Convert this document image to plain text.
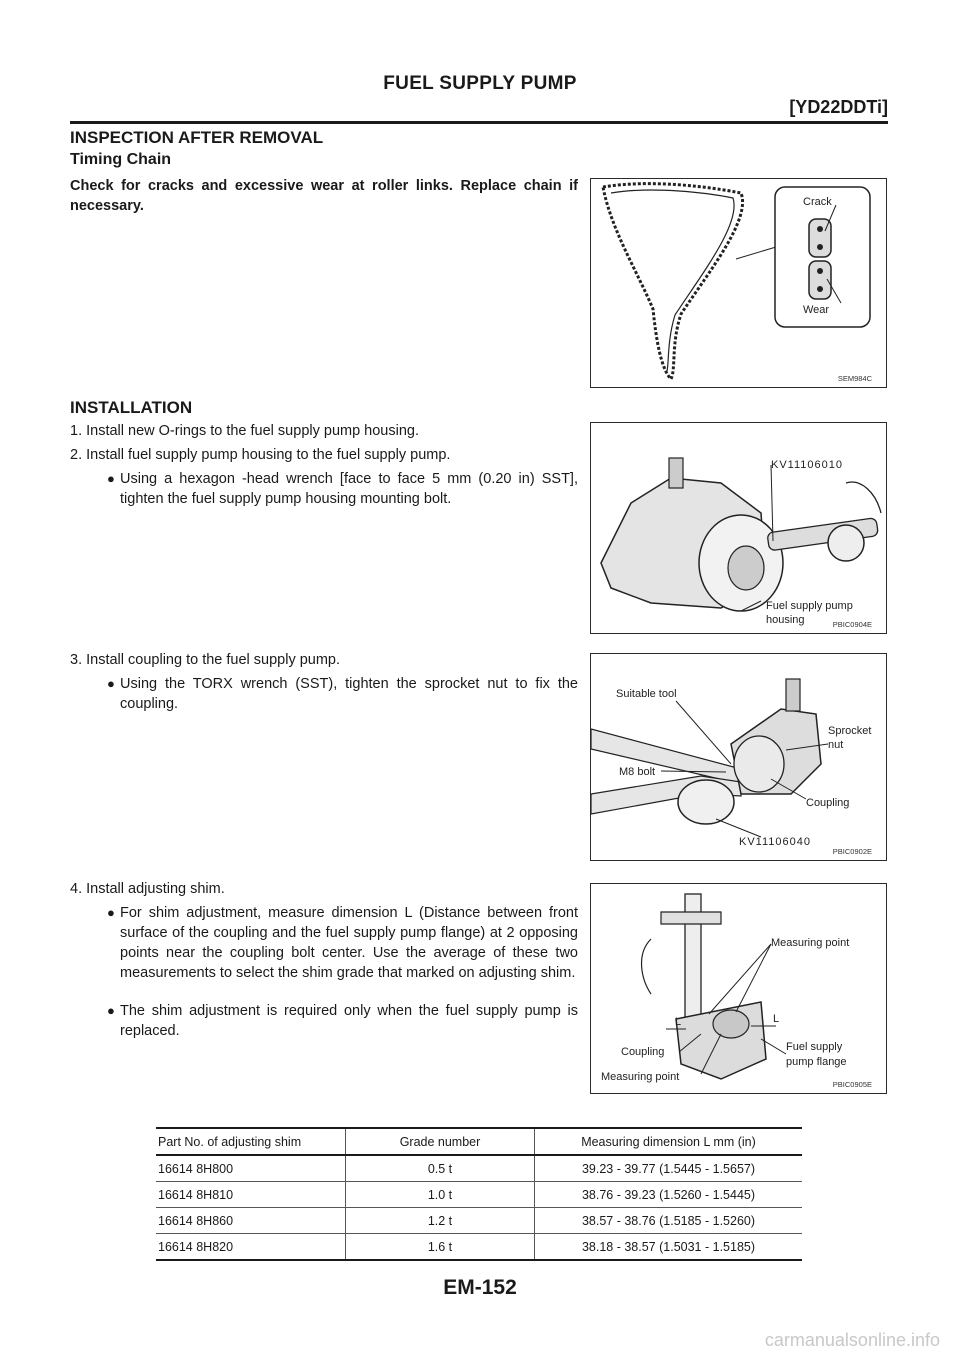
FUEL SUPPLY PUMP
[YD22DDTi]
INSPECTION AFTER REMOVAL
Timing Chain
Check for cracks and excessive wear at roller links. Replace chain if necessary.	Crack
Wear
SEM984C
INSTALLATION
1. Install new O-rings to the fuel supply pump housing.
2. Install fuel supply pump housing to the fuel supply pump.
● Using a hexagon -head wrench [face to face 5 mm (0.20 in) SST], tighten the fuel supply pump housing mounting bolt.
KV11106010
Fuel supply pump
housing	PBIC0904E
3. Install coupling to the fuel supply pump.
● Using the TORX wrench (SST), tighten the sprocket nut to fix the coupling.
Suitable tool
Sprocket
nut
M8 bolt
Coupling
KV11106040
PBIC0902E
4. Install adjusting shim.
● For shim adjustment, measure dimension L (Distance between front surface of the coupling and the fuel supply pump flange) at 2 opposing points near the coupling bolt center. Use the average of these two measurements to select the shim grade that marked on adjusting shim.
● The shim adjustment is required only when the fuel supply pump is replaced.
Measuring point
L	L
Coupling	Fuel supply
pump flange
Measuring point
PBIC0905E
Part No. of adjusting shim	Grade number	Measuring dimension L mm (in)
16614 8H800	0.5 t	39.23 - 39.77 (1.5445 - 1.5657)
16614 8H810	1.0 t	38.76 - 39.23 (1.5260 - 1.5445)
16614 8H860	1.2 t	38.57 - 38.76 (1.5185 - 1.5260)
16614 8H820	1.6 t	38.18 - 38.57 (1.5031 - 1.5185)
EM-152
carmanualsonline.info
